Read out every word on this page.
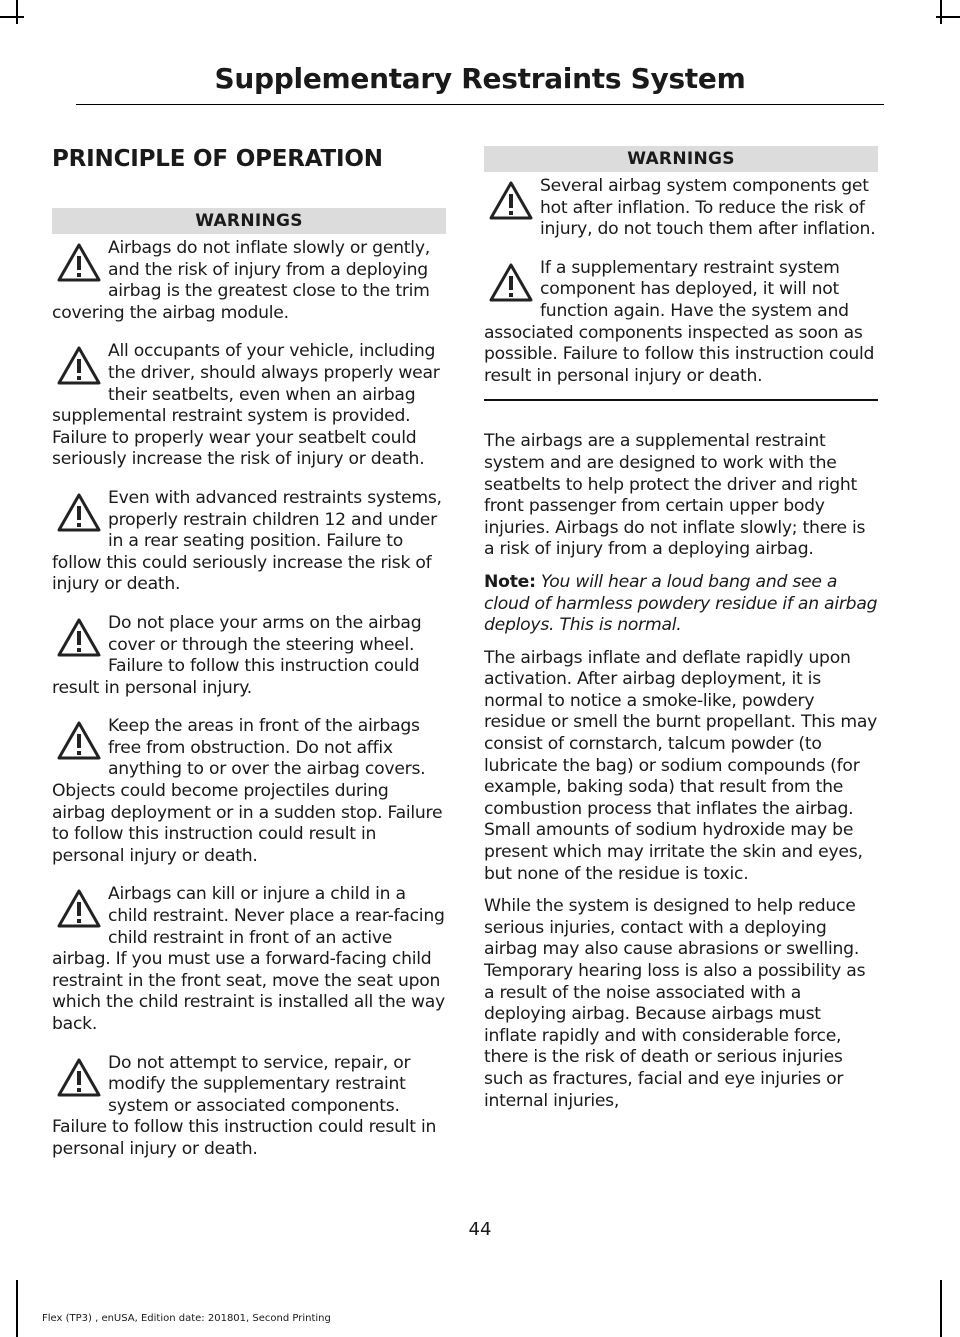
Supplementary Restraints System
PRINCIPLE OF OPERATION
WARNINGS
Airbags do not inflate slowly or gently, and the risk of injury from a deploying airbag is the greatest close to the trim covering the airbag module.
All occupants of your vehicle, including the driver, should always properly wear their seatbelts, even when an airbag supplemental restraint system is provided. Failure to properly wear your seatbelt could seriously increase the risk of injury or death.
Even with advanced restraints systems, properly restrain children 12 and under in a rear seating position. Failure to follow this could seriously increase the risk of injury or death.
Do not place your arms on the airbag cover or through the steering wheel. Failure to follow this instruction could result in personal injury.
Keep the areas in front of the airbags free from obstruction. Do not affix anything to or over the airbag covers. Objects could become projectiles during airbag deployment or in a sudden stop. Failure to follow this instruction could result in personal injury or death.
Airbags can kill or injure a child in a child restraint. Never place a rear-facing child restraint in front of an active airbag. If you must use a forward-facing child restraint in the front seat, move the seat upon which the child restraint is installed all the way back.
Do not attempt to service, repair, or modify the supplementary restraint system or associated components. Failure to follow this instruction could result in personal injury or death.
WARNINGS
Several airbag system components get hot after inflation. To reduce the risk of injury, do not touch them after inflation.
If a supplementary restraint system component has deployed, it will not function again. Have the system and associated components inspected as soon as possible. Failure to follow this instruction could result in personal injury or death.

The airbags are a supplemental restraint system and are designed to work with the seatbelts to help protect the driver and right front passenger from certain upper body injuries. Airbags do not inflate slowly; there is a risk of injury from a deploying airbag.

Note: You will hear a loud bang and see a cloud of harmless powdery residue if an airbag deploys. This is normal.

The airbags inflate and deflate rapidly upon activation. After airbag deployment, it is normal to notice a smoke-like, powdery residue or smell the burnt propellant. This may consist of cornstarch, talcum powder (to lubricate the bag) or sodium compounds (for example, baking soda) that result from the combustion process that inflates the airbag. Small amounts of sodium hydroxide may be present which may irritate the skin and eyes, but none of the residue is toxic.

While the system is designed to help reduce serious injuries, contact with a deploying airbag may also cause abrasions or swelling. Temporary hearing loss is also a possibility as a result of the noise associated with a deploying airbag. Because airbags must inflate rapidly and with considerable force, there is the risk of death or serious injuries such as fractures, facial and eye injuries or internal injuries,

44
Flex (TP3) , enUSA, Edition date: 201801, Second Printing
